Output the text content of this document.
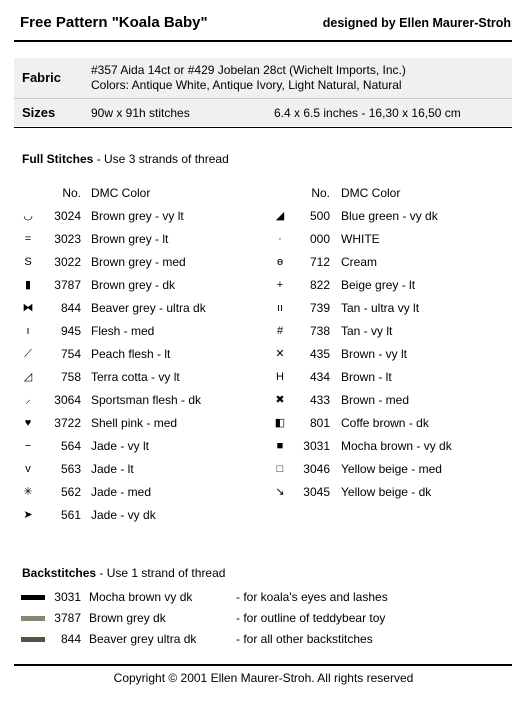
Free Pattern "Koala Baby"	designed by Ellen Maurer-Stroh
Fabric #357 Aida 14ct or #429 Jobelan 28ct (Wichelt Imports, Inc.)
Colors: Antique White, Antique Ivory, Light Natural, Natural
Sizes	90w x 91h stitches	6.4 x 6.5 inches - 16,30 x 16,50 cm
Full Stitches - Use 3 strands of thread
No. DMC Color	No. DMC Color
◡	3024 Brown grey - vy lt
=	3023 Brown grey - lt
S	3022 Brown grey - med
▮	3787 Brown grey - dk
⧓	844 Beaver grey - ultra dk
ı	945 Flesh - med
⟋	754 Peach flesh - lt
◿	758 Terra cotta - vy lt
⸝	3064 Sportsman flesh - dk
♥	3722 Shell pink - med
−	564 Jade - vy lt
v	563 Jade - lt
✳	562 Jade - med
➤	561 Jade - vy dk
◢	500 Blue green - vy dk
·	000 WHITE
ɵ	712 Cream
+	822 Beige grey - lt
ıı	739 Tan - ultra vy lt
#	738 Tan - vy lt
✕	435 Brown - vy lt
H	434 Brown - lt
✖	433 Brown - med
◧	801 Coffe brown - dk
■	3031 Mocha brown - vy dk
□	3046 Yellow beige - med
↘	3045 Yellow beige - dk
Backstitches - Use 1 strand of thread
3031 Mocha brown vy dk	- for koala's eyes and lashes
3787 Brown grey dk	- for outline of teddybear toy
844 Beaver grey ultra dk	- for all other backstitches
Copyright © 2001 Ellen Maurer-Stroh. All rights reserved
